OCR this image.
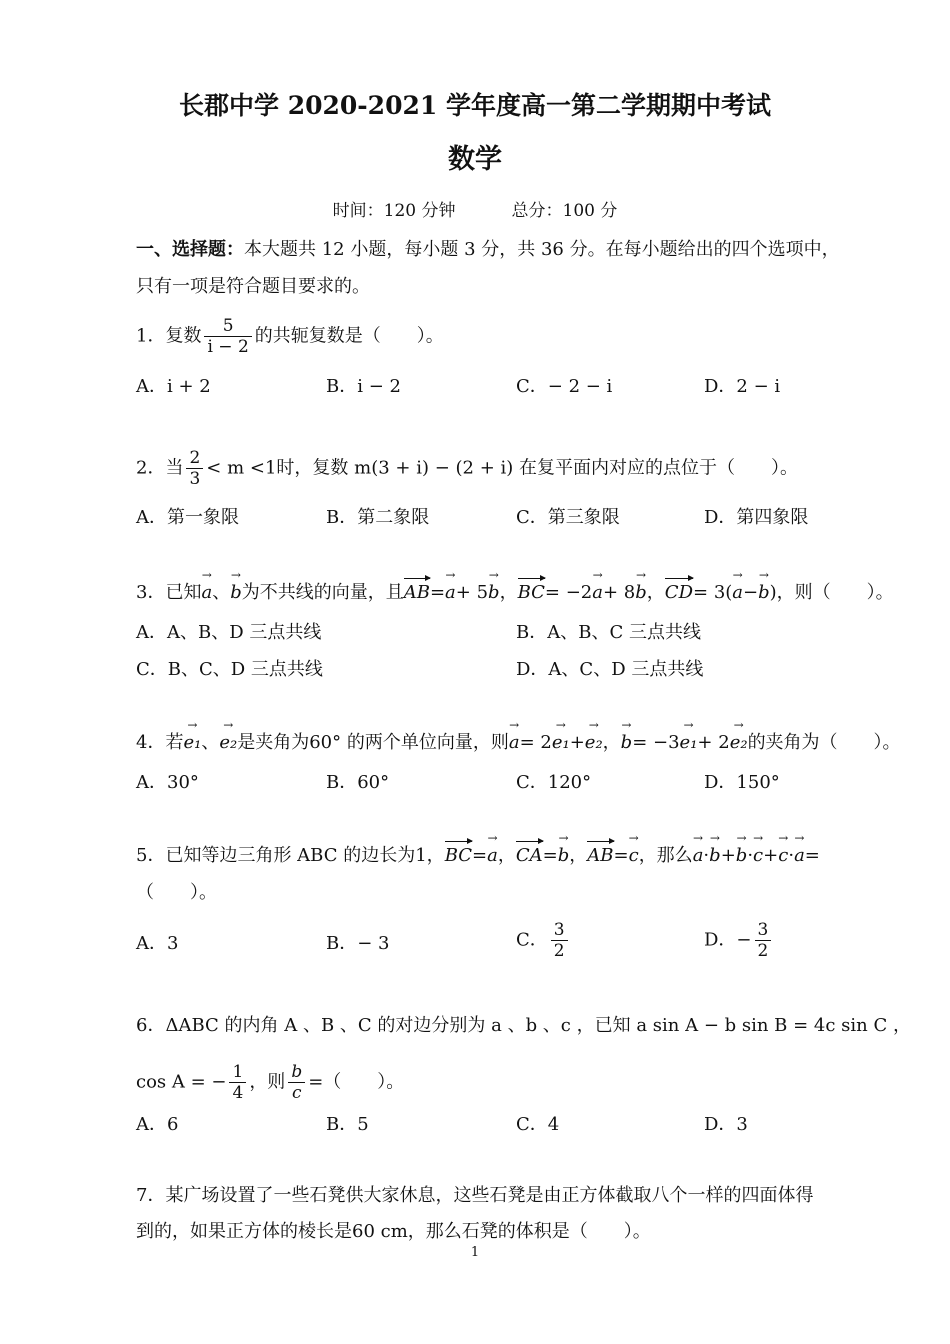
长郡中学 2020-2021 学年度高一第二学期期中考试
数学
时间：120 分钟	总分：100 分
一、选择题：本大题共 12 小题，每小题 3 分，共 36 分。在每小题给出的四个选项中，
只有一项是符合题目要求的。
1．复数 $\frac{5}{i - 2}$ 的共轭复数是（　　）。
A．i + 2	B．i − 2	C．− 2 − i	D．2 − i
2．当 $\frac{2}{3} < m <1$时，复数 m(3 + i) − (2 + i) 在复平面内对应的点位于（　　）。
A．第一象限	B．第二象限	C．第三象限	D．第四象限
3．已知→ a、→ b为不共线的向量，且AB=→ a+ 5→ b，BC= −2→ a+ 8→ b，CD= 3(→ a−→ b)，则（　　）。
A．A、B、D 三点共线	B．A、B、C 三点共线
C．B、C、D 三点共线	D．A、C、D 三点共线
4．若→ e₁、→ e₂是夹角为60° 的两个单位向量，则→ a= 2→ e₁+→ e₂，→ b= −3→ e₁+ 2→ e₂的夹角为（　　）。
A．30°	B．60°	C．120°	D．150°
5．已知等边三角形 ABC 的边长为1，BC=→ a，CA=→ b，AB=→ c，那么→ a·→ b+→ b·→ c+→ c·→ a=
（　　）。
A．3	B．− 3	C． $\frac{3}{2}$	D．− $\frac{3}{2}$
6．ΔABC 的内角 A 、B 、C 的对边分别为 a 、b 、c ，已知 a sin A − b sin B = 4c sin C ，
cos A = − $\frac{1}{4}$ ，则 $\frac{b}{c}$ =（　　）。
A．6	B．5	C．4	D．3
7．某广场设置了一些石凳供大家休息，这些石凳是由正方体截取八个一样的四面体得
到的，如果正方体的棱长是60 cm，那么石凳的体积是（　　）。
1
